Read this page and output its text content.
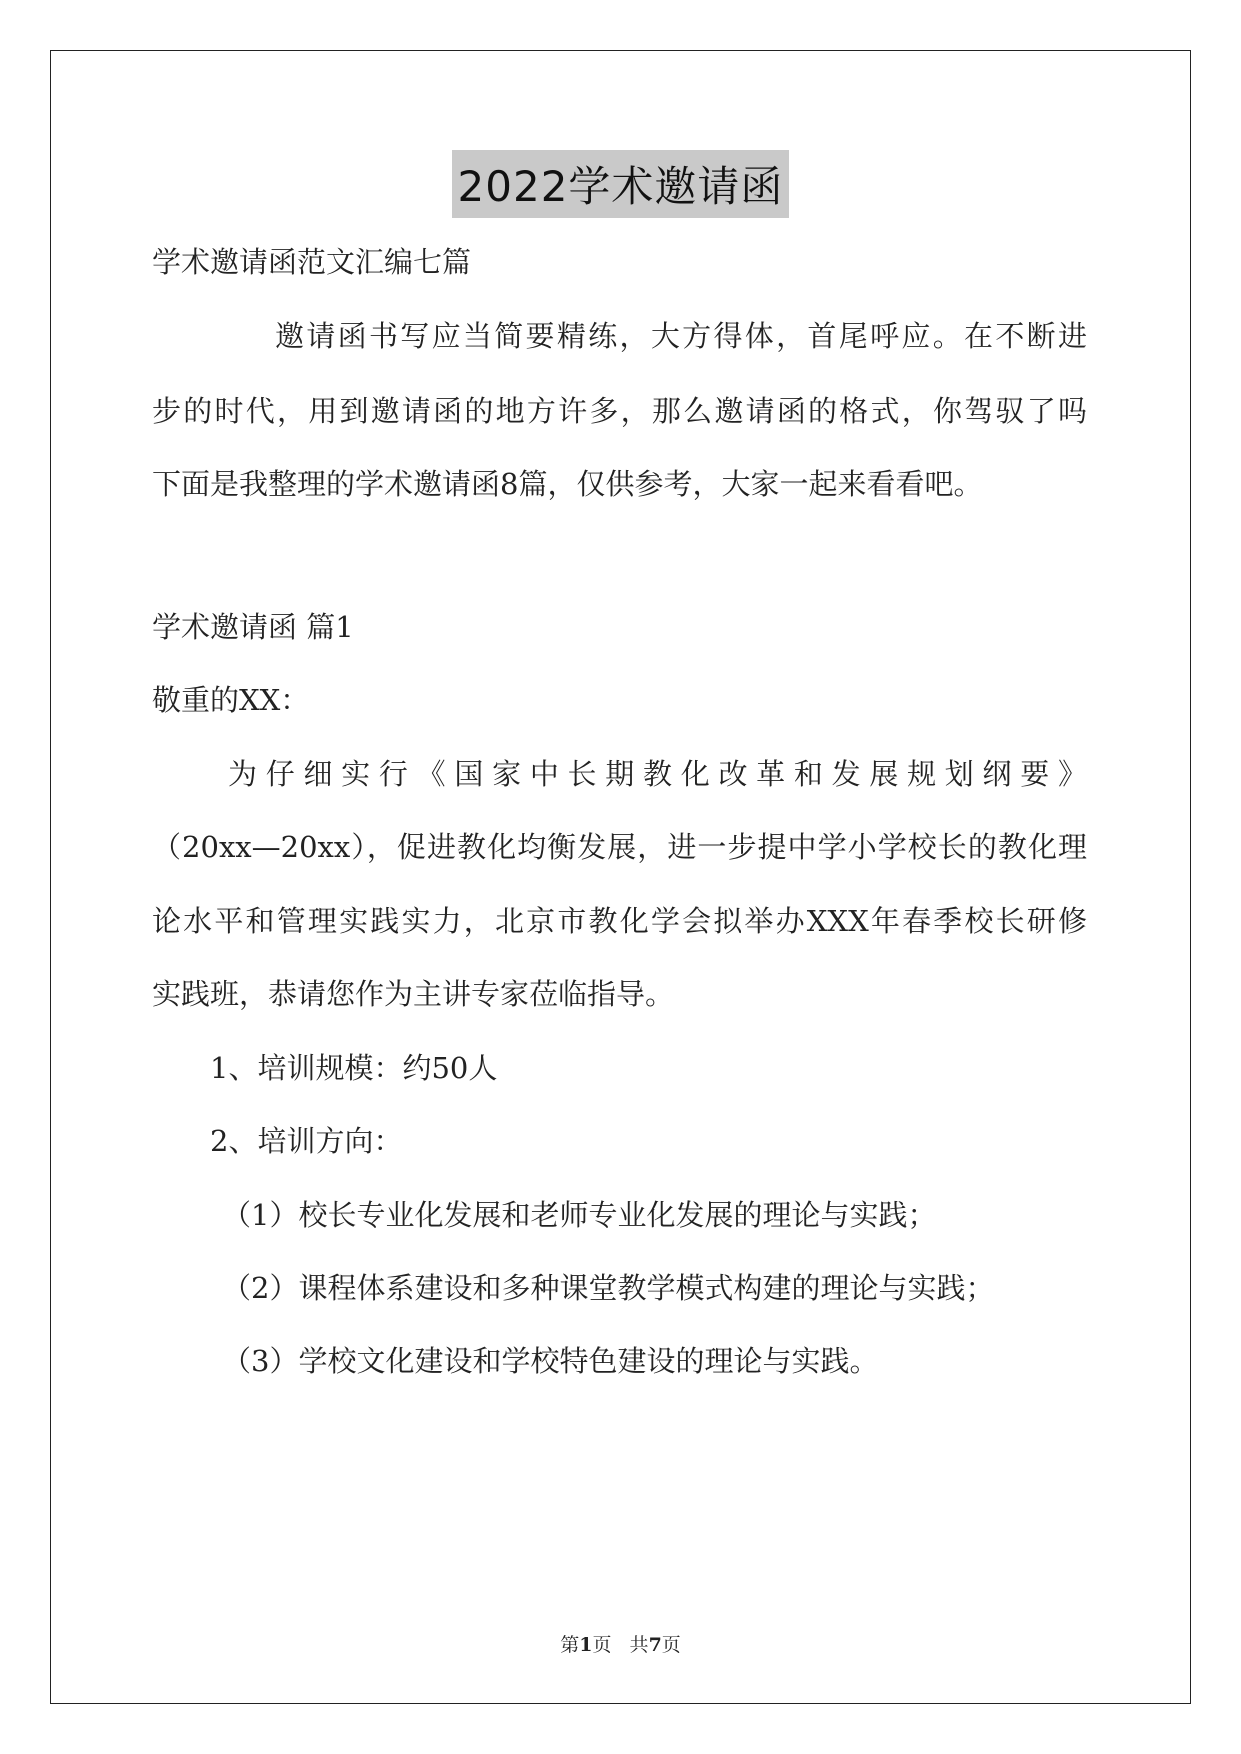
2022学术邀请函
学术邀请函范文汇编七篇
邀请函书写应当简要精练，大方得体，首尾呼应。在不断进
步的时代，用到邀请函的地方许多，那么邀请函的格式，你驾驭了吗
下面是我整理的学术邀请函8篇，仅供参考，大家一起来看看吧。
学术邀请函 篇1
敬重的XX：
为仔细实行《国家中长期教化改革和发展规划纲要》
（20xx—20xx），促进教化均衡发展，进一步提中学小学校长的教化理
论水平和管理实践实力，北京市教化学会拟举办XXX年春季校长研修
实践班，恭请您作为主讲专家莅临指导。
1、培训规模：约50人
2、培训方向：
（1）校长专业化发展和老师专业化发展的理论与实践；
（2）课程体系建设和多种课堂教学模式构建的理论与实践；
（3）学校文化建设和学校特色建设的理论与实践。
第1页   共7页
